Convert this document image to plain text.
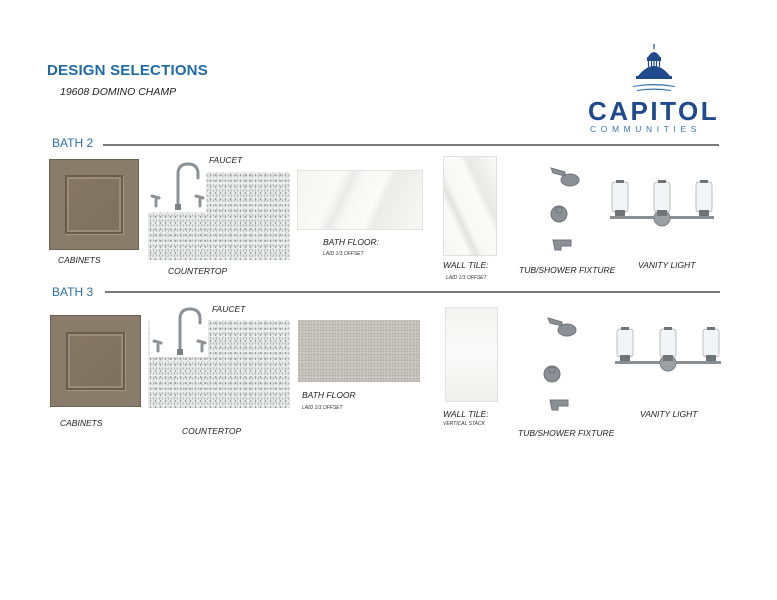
DESIGN SELECTIONS
19608 DOMINO CHAMP
CAPITOL
COMMUNITIES
BATH 2
CABINETS
FAUCET
COUNTERTOP
BATH FLOOR:
LAID 1/3 OFFSET
WALL TILE:
LAID 1/3 OFFSET
TUB/SHOWER FIXTURE	VANITY LIGHT
BATH 3
CABINETS
FAUCET
COUNTERTOP
BATH FLOOR
LAID 1/3 OFFSET
WALL TILE:
VERTICAL STACK
TUB/SHOWER FIXTURE
VANITY LIGHT
